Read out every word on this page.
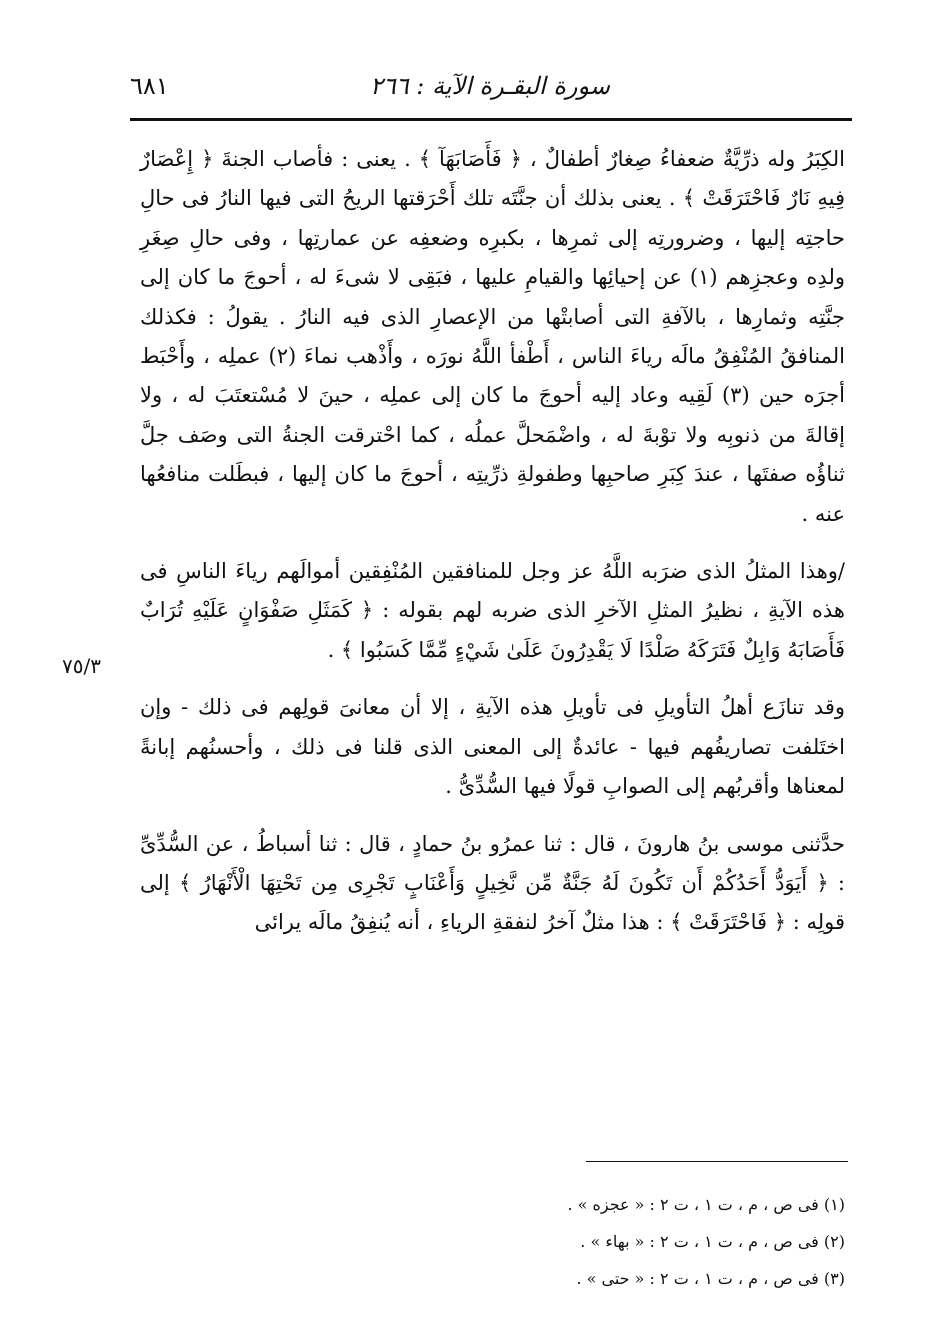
٦٨١	سورة البقـرة الآية : ٢٦٦

الكِبَرُ وله ذرِّيَّةٌ ضعفاءُ صِغارٌ أطفالٌ ، ﴿ فَأَصَابَهَآ ﴾ . يعنى : فأصاب الجنةَ ﴿ إِعْصَارٌ فِيهِ نَارٌ فَاحْتَرَقَتْ ﴾ . يعنى بذلك أن جنَّتَه تلك أَحْرَقتها الريحُ التى فيها النارُ فى حالِ حاجتِه إليها ، وضرورتِه إلى ثمرِها ، بكبرِه وضعفِه عن عمارتِها ، وفى حالِ صِغَرِ ولدِه وعجزِهم (١) عن إحيائِها والقيامِ عليها ، فبَقِى لا شىءَ له ، أحوجَ ما كان إلى جنَّتِه وثمارِها ، بالآفةِ التى أصابتْها من الإعصارِ الذى فيه النارُ . يقولُ : فكذلك المنافقُ المُنْفِقُ مالَه رياءَ الناس ، أَطْفأ اللَّهُ نورَه ، وأَذْهب نماءَ (٢) عملِه ، وأَحْبَط أجرَه حين (٣) لَقِيه وعاد إليه أحوجَ ما كان إلى عملِه ، حينَ لا مُسْتعتَبَ له ، ولا إقالةَ من ذنوبِه ولا توْبةَ له ، واضْمَحلَّ عملُه ، كما احْترقت الجنةُ التى وصَف جلَّ ثناؤُه صفتَها ، عندَ كِبَرِ صاحبِها وطفولةِ ذرِّيتِه ، أحوجَ ما كان إليها ، فبطَلت منافعُها عنه .

/وهذا المثلُ الذى ضرَبه اللَّهُ عز وجل للمنافقين المُنْفِقين أموالَهم رياءَ الناسِ فى هذه الآيةِ ، نظيرُ المثلِ الآخرِ الذى ضربه لهم بقوله : ﴿ كَمَثَلِ صَفْوَانٍ عَلَيْهِ تُرَابٌ فَأَصَابَهُ وَابِلٌ فَتَرَكَهُ صَلْدًا لَا يَقْدِرُونَ عَلَىٰ شَيْءٍ مِّمَّا كَسَبُوا ﴾ .

وقد تنازَع أهلُ التأويلِ فى تأويلِ هذه الآيةِ ، إلا أن معانىَ قولِهم فى ذلك - وإن اختَلفت تصاريفُهم فيها - عائدةٌ إلى المعنى الذى قلنا فى ذلك ، وأحسنُهم إبانةً لمعناها وأقربُهم إلى الصوابِ قولًا فيها السُّدِّىُّ .

حدَّثنى موسى بنُ هارونَ ، قال : ثنا عمرُو بنُ حمادٍ ، قال : ثنا أسباطُ ، عن السُّدِّىِّ : ﴿ أَيَوَدُّ أَحَدُكُمْ أَن تَكُونَ لَهُ جَنَّةٌ مِّن نَّخِيلٍ وَأَعْنَابٍ تَجْرِى مِن تَحْتِهَا الْأَنْهَارُ ﴾ إلى قولِه : ﴿ فَاحْتَرَقَتْ ﴾ : هذا مثلٌ آخرُ لنفقةِ الرياءِ ، أنه يُنفِقُ مالَه يرائى

٧٥/٣
(١) فى ص ، م ، ت ١ ، ت ٢ : « عجزه » .
(٢) فى ص ، م ، ت ١ ، ت ٢ : « بهاء » .
(٣) فى ص ، م ، ت ١ ، ت ٢ : « حتى » .
